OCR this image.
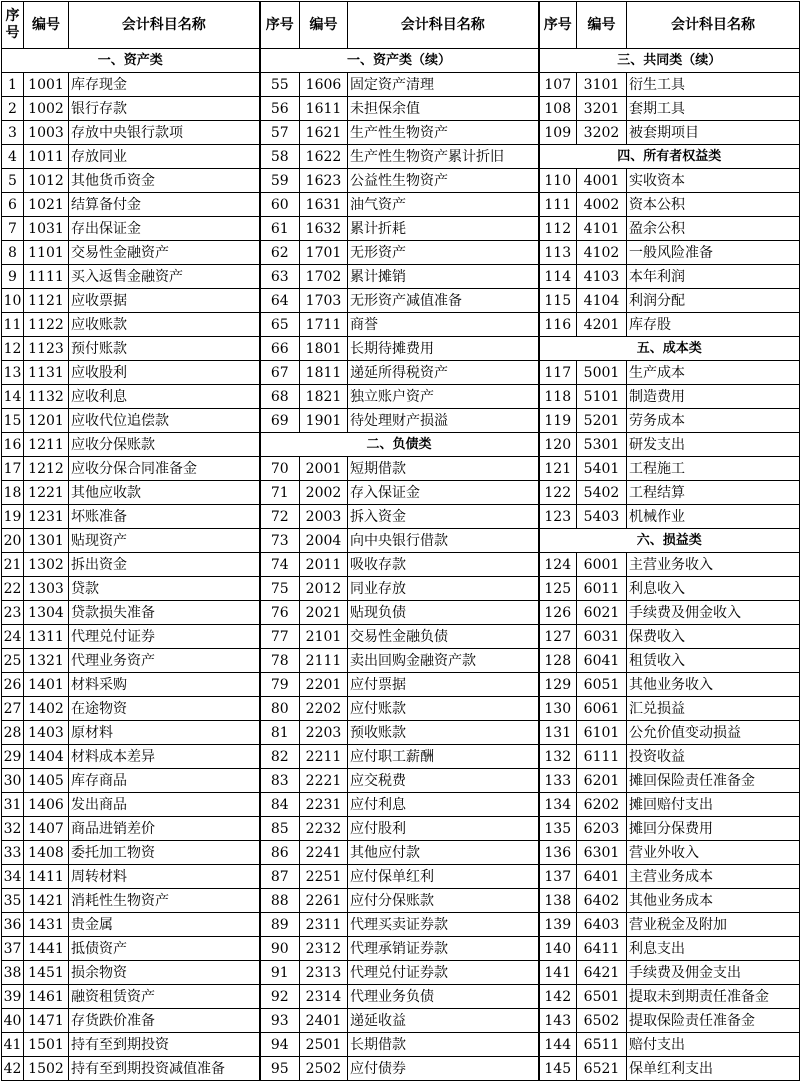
序号	编号	会计科目名称	序号	编号	会计科目名称	序号	编号	会计科目名称
一、资产类			一、资产类（续）			三、共同类（续）		
1	1001	库存现金	55	1606	固定资产清理	107	3101	衍生工具
2	1002	银行存款	56	1611	未担保余值	108	3201	套期工具
3	1003	存放中央银行款项	57	1621	生产性生物资产	109	3202	被套期项目
4	1011	存放同业	58	1622	生产性生物资产累计折旧	四、所有者权益类		
5	1012	其他货币资金	59	1623	公益性生物资产	110	4001	实收资本
6	1021	结算备付金	60	1631	油气资产	111	4002	资本公积
7	1031	存出保证金	61	1632	累计折耗	112	4101	盈余公积
8	1101	交易性金融资产	62	1701	无形资产	113	4102	一般风险准备
9	1111	买入返售金融资产	63	1702	累计摊销	114	4103	本年利润
10	1121	应收票据	64	1703	无形资产减值准备	115	4104	利润分配
11	1122	应收账款	65	1711	商誉	116	4201	库存股
12	1123	预付账款	66	1801	长期待摊费用	五、成本类		
13	1131	应收股利	67	1811	递延所得税资产	117	5001	生产成本
14	1132	应收利息	68	1821	独立账户资产	118	5101	制造费用
15	1201	应收代位追偿款	69	1901	待处理财产损溢	119	5201	劳务成本
16	1211	应收分保账款	二、负债类			120	5301	研发支出
17	1212	应收分保合同准备金	70	2001	短期借款	121	5401	工程施工
18	1221	其他应收款	71	2002	存入保证金	122	5402	工程结算
19	1231	坏账准备	72	2003	拆入资金	123	5403	机械作业
20	1301	贴现资产	73	2004	向中央银行借款	六、损益类		
21	1302	拆出资金	74	2011	吸收存款	124	6001	主营业务收入
22	1303	贷款	75	2012	同业存放	125	6011	利息收入
23	1304	贷款损失准备	76	2021	贴现负债	126	6021	手续费及佣金收入
24	1311	代理兑付证券	77	2101	交易性金融负债	127	6031	保费收入
25	1321	代理业务资产	78	2111	卖出回购金融资产款	128	6041	租赁收入
26	1401	材料采购	79	2201	应付票据	129	6051	其他业务收入
27	1402	在途物资	80	2202	应付账款	130	6061	汇兑损益
28	1403	原材料	81	2203	预收账款	131	6101	公允价值变动损益
29	1404	材料成本差异	82	2211	应付职工薪酬	132	6111	投资收益
30	1405	库存商品	83	2221	应交税费	133	6201	摊回保险责任准备金
31	1406	发出商品	84	2231	应付利息	134	6202	摊回赔付支出
32	1407	商品进销差价	85	2232	应付股利	135	6203	摊回分保费用
33	1408	委托加工物资	86	2241	其他应付款	136	6301	营业外收入
34	1411	周转材料	87	2251	应付保单红利	137	6401	主营业务成本
35	1421	消耗性生物资产	88	2261	应付分保账款	138	6402	其他业务成本
36	1431	贵金属	89	2311	代理买卖证券款	139	6403	营业税金及附加
37	1441	抵债资产	90	2312	代理承销证券款	140	6411	利息支出
38	1451	损余物资	91	2313	代理兑付证券款	141	6421	手续费及佣金支出
39	1461	融资租赁资产	92	2314	代理业务负债	142	6501	提取未到期责任准备金
40	1471	存货跌价准备	93	2401	递延收益	143	6502	提取保险责任准备金
41	1501	持有至到期投资	94	2501	长期借款	144	6511	赔付支出
42	1502	持有至到期投资减值准备	95	2502	应付债券	145	6521	保单红利支出
